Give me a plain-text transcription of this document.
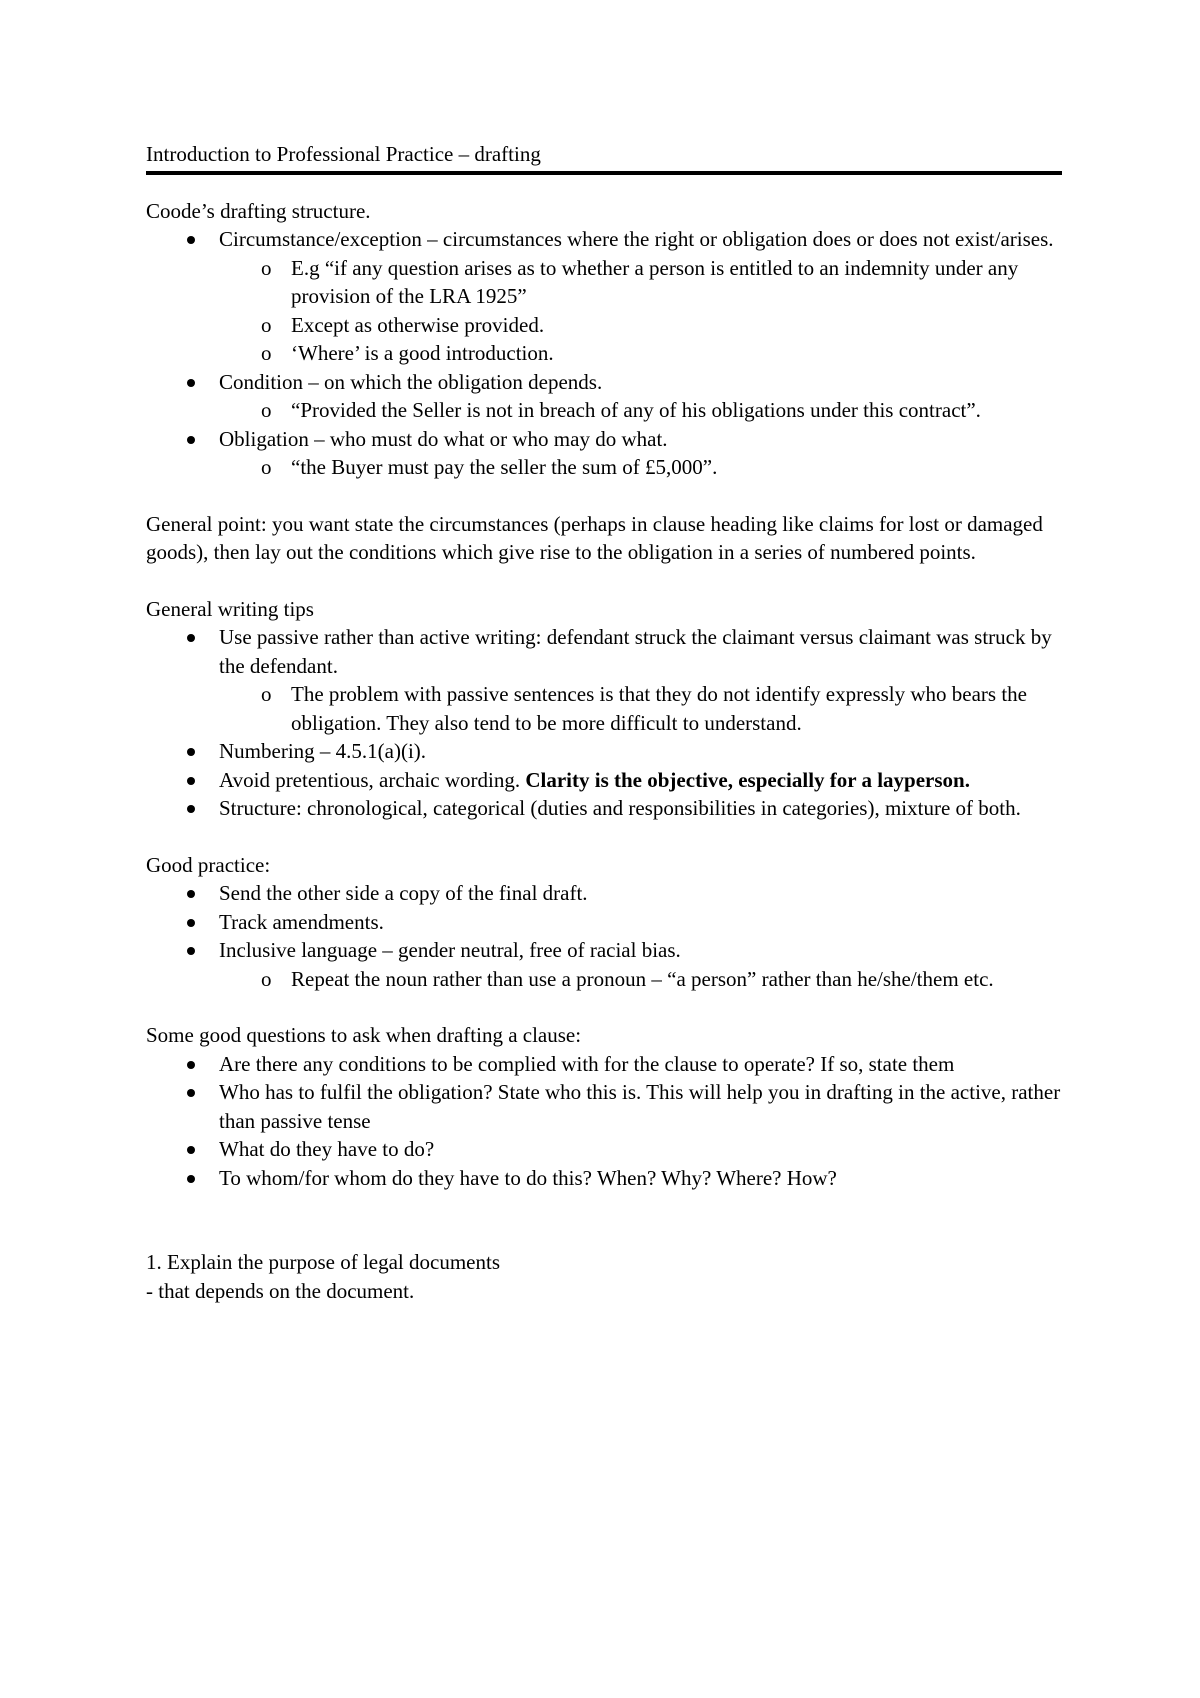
Introduction to Professional Practice – drafting

Coode’s drafting structure.

Circumstance/exception – circumstances where the right or obligation does or does not exist/arises.
o E.g “if any question arises as to whether a person is entitled to an indemnity under any provision of the LRA 1925”
o Except as otherwise provided.
o ‘Where’ is a good introduction.
Condition – on which the obligation depends.
o “Provided the Seller is not in breach of any of his obligations under this contract”.
Obligation – who must do what or who may do what.
o “the Buyer must pay the seller the sum of £5,000”.

General point: you want state the circumstances (perhaps in clause heading like claims for lost or damaged goods), then lay out the conditions which give rise to the obligation in a series of numbered points.

General writing tips

Use passive rather than active writing: defendant struck the claimant versus claimant was struck by the defendant.
o The problem with passive sentences is that they do not identify expressly who bears the obligation. They also tend to be more difficult to understand.
Numbering – 4.5.1(a)(i).
Avoid pretentious, archaic wording. Clarity is the objective, especially for a layperson.
Structure: chronological, categorical (duties and responsibilities in categories), mixture of both.

Good practice:

Send the other side a copy of the final draft.
Track amendments.
Inclusive language – gender neutral, free of racial bias.
o Repeat the noun rather than use a pronoun – “a person” rather than he/she/them etc.

Some good questions to ask when drafting a clause:

Are there any conditions to be complied with for the clause to operate? If so, state them
Who has to fulfil the obligation? State who this is. This will help you in drafting in the active, rather than passive tense
What do they have to do?
To whom/for whom do they have to do this? When? Why? Where? How?

1. Explain the purpose of legal documents

- that depends on the document.
